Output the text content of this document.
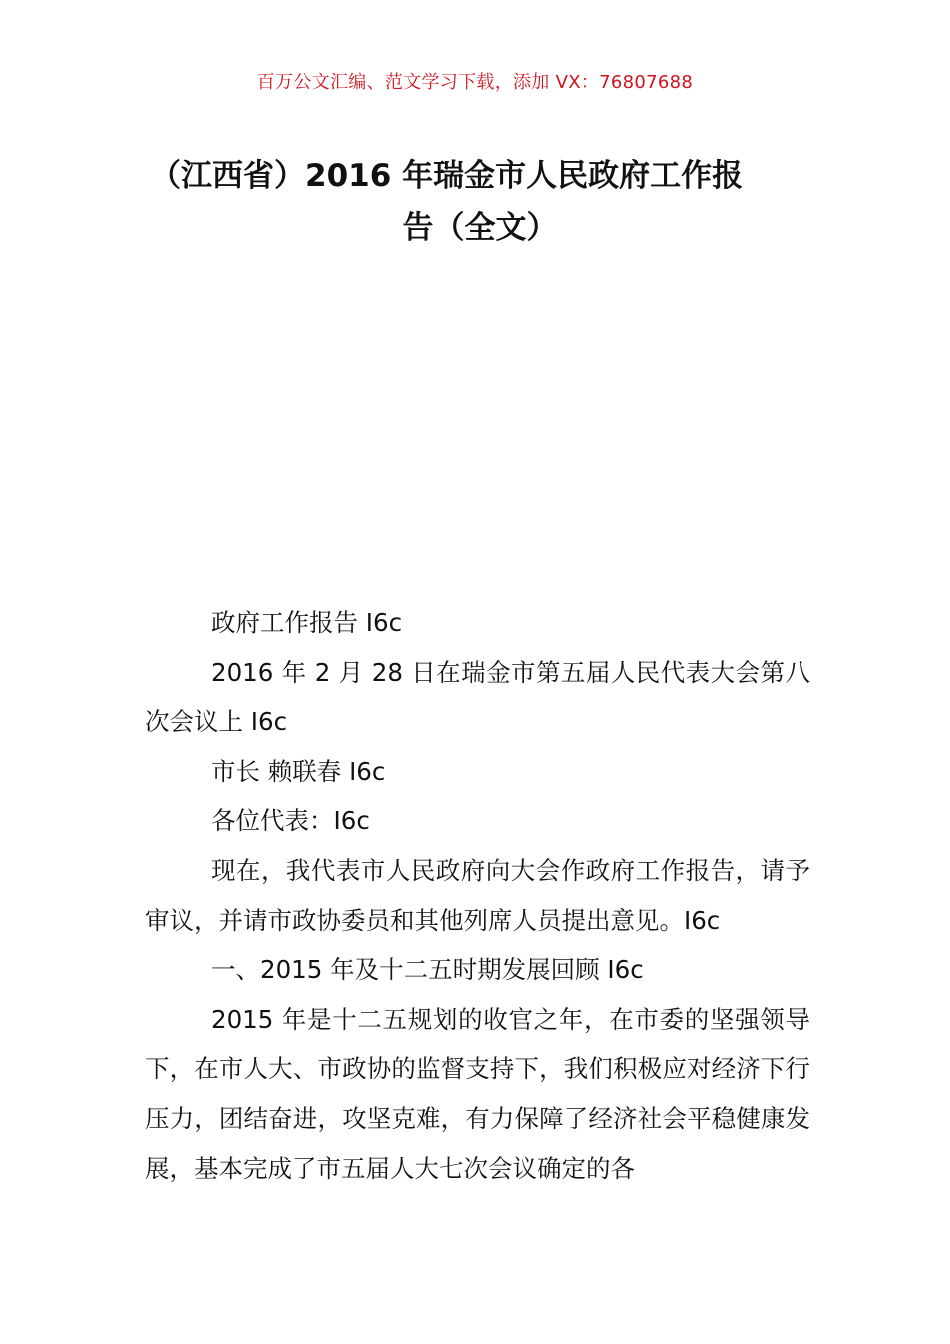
百万公文汇编、范文学习下载，添加 VX：76807688
（江西省）2016 年瑞金市人民政府工作报
告（全文）

政府工作报告 I6c

2016 年 2 月 28 日在瑞金市第五届人民代表大会第八次会议上 I6c

市长 赖联春 I6c

各位代表：I6c

现在，我代表市人民政府向大会作政府工作报告，请予审议，并请市政协委员和其他列席人员提出意见。I6c

一、2015 年及十二五时期发展回顾 I6c

2015 年是十二五规划的收官之年，在市委的坚强领导下，在市人大、市政协的监督支持下，我们积极应对经济下行压力，团结奋进，攻坚克难，有力保障了经济社会平稳健康发展，基本完成了市五届人大七次会议确定的各
